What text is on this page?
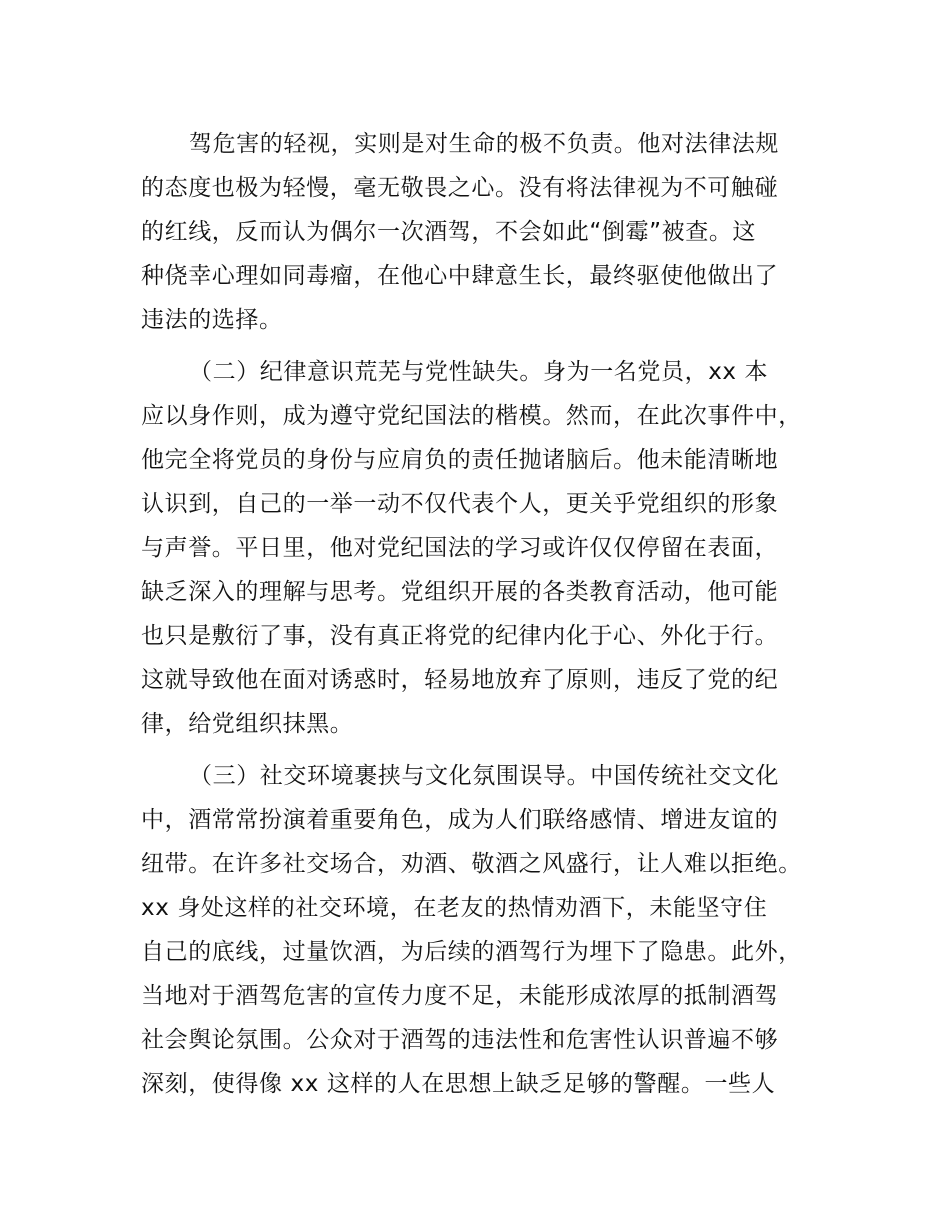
驾危害的轻视，实则是对生命的极不负责。他对法律法规
的态度也极为轻慢，毫无敬畏之心。没有将法律视为不可触碰
的红线，反而认为偶尔一次酒驾，不会如此“倒霉”被查。这
种侥幸心理如同毒瘤，在他心中肆意生长，最终驱使他做出了
违法的选择。

（二）纪律意识荒芜与党性缺失。身为一名党员，xx 本
应以身作则，成为遵守党纪国法的楷模。然而，在此次事件中，
他完全将党员的身份与应肩负的责任抛诸脑后。他未能清晰地
认识到，自己的一举一动不仅代表个人，更关乎党组织的形象
与声誉。平日里，他对党纪国法的学习或许仅仅停留在表面，
缺乏深入的理解与思考。党组织开展的各类教育活动，他可能
也只是敷衍了事，没有真正将党的纪律内化于心、外化于行。
这就导致他在面对诱惑时，轻易地放弃了原则，违反了党的纪
律，给党组织抹黑。

（三）社交环境裹挟与文化氛围误导。中国传统社交文化
中，酒常常扮演着重要角色，成为人们联络感情、增进友谊的
纽带。在许多社交场合，劝酒、敬酒之风盛行，让人难以拒绝。
xx 身处这样的社交环境，在老友的热情劝酒下，未能坚守住
自己的底线，过量饮酒，为后续的酒驾行为埋下了隐患。此外，
当地对于酒驾危害的宣传力度不足，未能形成浓厚的抵制酒驾
社会舆论氛围。公众对于酒驾的违法性和危害性认识普遍不够
深刻，使得像 xx 这样的人在思想上缺乏足够的警醒。一些人
